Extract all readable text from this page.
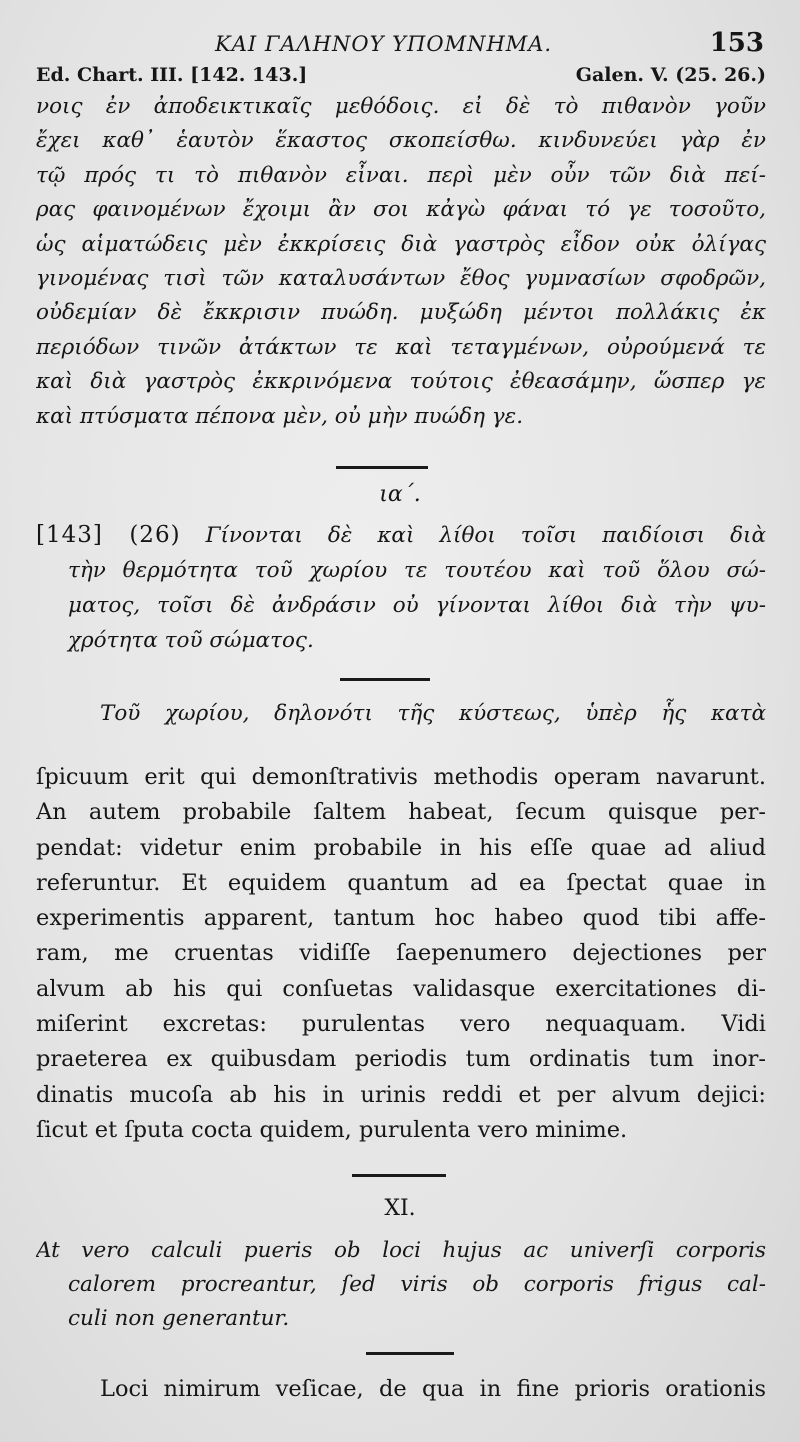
ΚΑΙ ΓΑΛΗΝΟΥ ΥΠΟΜΝΗΜΑ.	153
Ed. Chart. III. [142. 143.]	Galen. V. (25. 26.)
νοις ἐν ἀποδεικτικαῖς μεθόδοις. εἰ δὲ τὸ πιθανὸν γοῦν
ἔχει καθ᾽ ἑαυτὸν ἕκαστος σκοπείσθω. κινδυνεύει γὰρ ἐν
τῷ πρός τι τὸ πιθανὸν εἶναι. περὶ μὲν οὖν τῶν διὰ πεί-
ρας φαινομένων ἔχοιμι ἂν σοι κἀγὼ φάναι τό γε τοσοῦτο,
ὡς αἱματώδεις μὲν ἐκκρίσεις διὰ γαστρὸς εἶδον οὐκ ὀλίγας
γινομένας τισὶ τῶν καταλυσάντων ἔθος γυμνασίων σφοδρῶν,
οὐδεμίαν δὲ ἔκκρισιν πυώδη. μυξώδη μέντοι πολλάκις ἐκ
περιόδων τινῶν ἀτάκτων τε καὶ τεταγμένων, οὐρούμενά τε
καὶ διὰ γαστρὸς ἐκκρινόμενα τούτοις ἐθεασάμην, ὥσπερ γε
καὶ πτύσματα πέπονα μὲν, οὐ μὴν πυώδη γε.
ια΄.
[143] (26) Γίνονται δὲ καὶ λίθοι τοῖσι παιδίοισι διὰ
τὴν θερμότητα τοῦ χωρίου τε τουτέου καὶ τοῦ ὅλου σώ-
ματος, τοῖσι δὲ ἀνδράσιν οὐ γίνονται λίθοι διὰ τὴν ψυ-
χρότητα τοῦ σώματος.
Τοῦ χωρίου, δηλονότι τῆς κύστεως, ὑπὲρ ἧς κατὰ
ſpicuum erit qui demonſtrativis methodis operam navarunt.
An autem probabile ſaltem habeat, ſecum quisque per-
pendat: videtur enim probabile in his eſſe quae ad aliud
referuntur. Et equidem quantum ad ea ſpectat quae in
experimentis apparent, tantum hoc habeo quod tibi affe-
ram, me cruentas vidiſſe ſaepenumero dejectiones per
alvum ab his qui conſuetas validasque exercitationes di-
miſerint excretas: purulentas vero nequaquam. Vidi
praeterea ex quibusdam periodis tum ordinatis tum inor-
dinatis mucoſa ab his in urinis reddi et per alvum dejici:
ſicut et ſputa cocta quidem, purulenta vero minime.
XI.
At vero calculi pueris ob loci hujus ac univerſi corporis
calorem procreantur, ſed viris ob corporis frigus cal-
culi non generantur.
Loci nimirum veſicae, de qua in fine prioris orationis
